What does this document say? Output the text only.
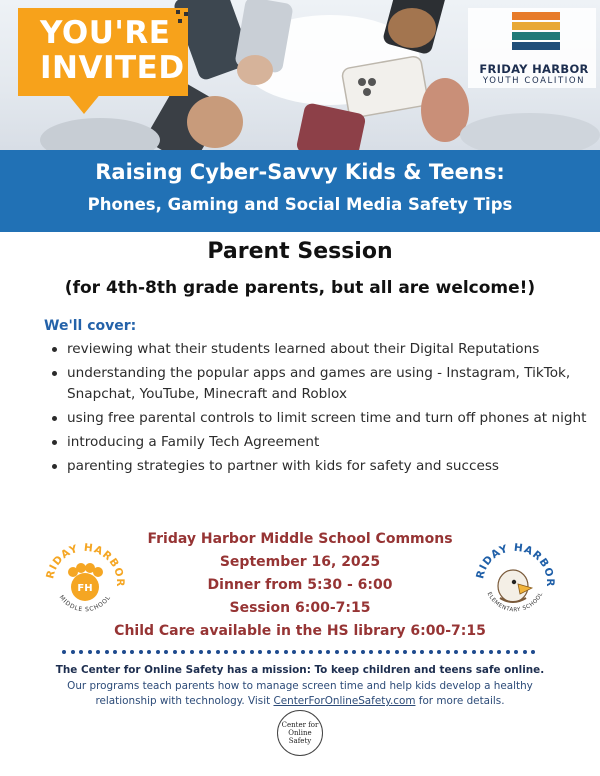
YOU'RE
INVITED	FRIDAY HARBOR
YOUTH COALITION
Raising Cyber-Savvy Kids & Teens:
Phones, Gaming and Social Media Safety Tips
Parent Session
(for 4th-8th grade parents, but all are welcome!)
We'll cover:
reviewing what their students learned about their Digital Reputations
understanding the popular apps and games are using - Instagram, TikTok, Snapchat, YouTube, Minecraft and Roblox
using free parental controls to limit screen time and turn off phones at night
introducing a Family Tech Agreement
parenting strategies to partner with kids for safety and success
Friday Harbor Middle School Commons
September 16, 2025
Dinner from 5:30 - 6:00
Session 6:00-7:15
Child Care available in the HS library 6:00-7:15
RIDAY HARBOR
MIDDLE SCHOOL
FH
RIDAY HARBOR
ELEMENTARY SCHOOL
The Center for Online Safety has a mission: To keep children and teens safe online.
Our programs teach parents how to manage screen time and help kids develop a healthy relationship with technology. Visit CenterForOnlineSafety.com for more details.
Center for
Online
Safety
